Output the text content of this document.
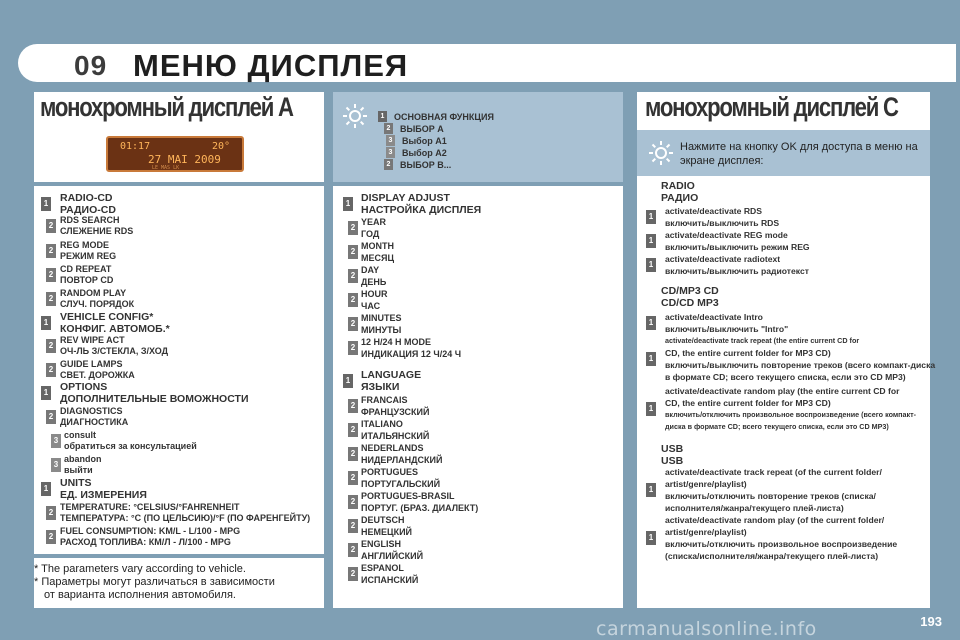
09 МЕНЮ ДИСПЛЕЯ
монохромный дисплей A
01:17	20°
27 MAI 2009
LE MAS LK
монохромный дисплей C
Нажмите на кнопку OK для доступа в меню на экране дисплея:
* The parameters vary according to vehicle.
* Параметры могут различаться в зависимости
от варианта исполнения автомобиля.
carmanualsonline.info	193
1 ОСНОВНАЯ ФУНКЦИЯ
2 ВЫБОР A
3 Выбор A1
3 Выбор A2
2 ВЫБОР B...
1 RADIO-CD
РАДИО-CD
2
RDS SEARCH
СЛЕЖЕНИЕ RDS
2
REG MODE
РЕЖИМ REG
2
CD REPEAT
ПОВТОР CD
2
RANDOM PLAY
СЛУЧ. ПОРЯДОК
1 VEHICLE CONFIG*
КОНФИГ. АВТОМОБ.*
2
REV WIPE ACT
ОЧ-ЛЬ З/СТЕКЛА, З/ХОД
2
GUIDE LAMPS
СВЕТ. ДОРОЖКА
1 OPTIONS
ДОПОЛНИТЕЛЬНЫЕ ВОМОЖНОСТИ
2
DIAGNOSTICS
ДИАГНОСТИКА
3
consult
обратиться за консультацией
3
abandon
выйти
1 UNITS
ЕД. ИЗМЕРЕНИЯ
2
TEMPERATURE: °CELSIUS/°FAHRENHEIT
ТЕМПЕРАТУРА: °C (ПО ЦЕЛЬСИЮ)/°F (ПО ФАРЕНГЕЙТУ)
2
FUEL CONSUMPTION: KM/L - L/100 - MPG
РАСХОД ТОПЛИВА: КМ/Л - Л/100 - MPG
1 DISPLAY ADJUST
НАСТРОЙКА ДИСПЛЕЯ
2
YEAR
ГОД
2
MONTH
МЕСЯЦ
2
DAY
ДЕНЬ
2
HOUR
ЧАС
2
MINUTES
МИНУТЫ
2
12 H/24 H MODE
ИНДИКАЦИЯ 12 Ч/24 Ч
1 LANGUAGE
ЯЗЫКИ
2
FRANCAIS
ФРАНЦУЗСКИЙ
2
ITALIANO
ИТАЛЬЯНСКИЙ
2
NEDERLANDS
НИДЕРЛАНДСКИЙ
2
PORTUGUES
ПОРТУГАЛЬСКИЙ
2
PORTUGUES-BRASIL
ПОРТУГ. (БРАЗ. ДИАЛЕКТ)
2
DEUTSCH
НЕМЕЦКИЙ
2
ENGLISH
АНГЛИЙСКИЙ
2
ESPANOL
ИСПАНСКИЙ
RADIO
РАДИО
1
activate/deactivate RDS
включить/выключить RDS
1
activate/deactivate REG mode
включить/выключить режим REG
1
activate/deactivate radiotext
включить/выключить радиотекст
CD/MP3 CD
CD/CD MP3
1
activate/deactivate Intro
включить/выключить "Intro"
1
activate/deactivate track repeat (the entire current CD for
CD, the entire current folder for MP3 CD)
включить/выключить повторение треков (всего компакт-диска
в формате CD; всего текущего списка, если это CD MP3)
1
activate/deactivate random play (the entire current CD for
CD, the entire current folder for MP3 CD)
включить/отключить произвольное воспроизведение (всего компакт-
диска в формате CD; всего текущего списка, если это CD MP3)
USB
USB
1
activate/deactivate track repeat (of the current folder/
artist/genre/playlist)
включить/отключить повторение треков (списка/
исполнителя/жанра/текущего плей-листа)
1
activate/deactivate random play (of the current folder/
artist/genre/playlist)
включить/отключить произвольное воспроизведение
(списка/исполнителя/жанра/текущего плей-листа)
